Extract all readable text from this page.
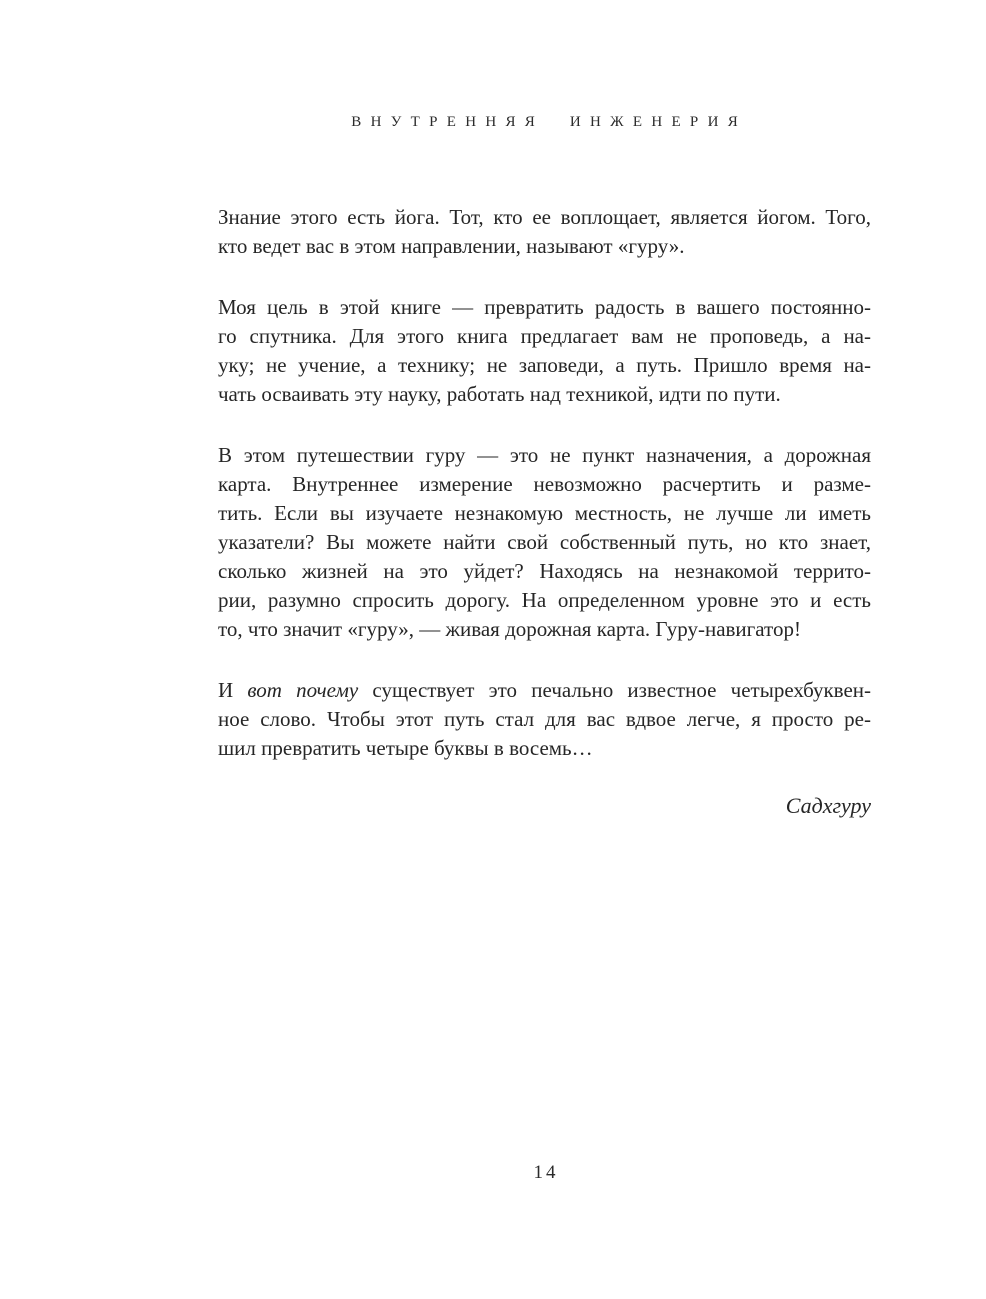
ВНУТРЕННЯЯ ИНЖЕНЕРИЯ
Знание этого есть йога. Тот, кто ее воплощает, является йогом. Того,
кто ведет вас в этом направлении, называют «гуру».
Моя цель в этой книге — превратить радость в вашего постоянно-
го спутника. Для этого книга предлагает вам не проповедь, а на-
уку; не учение, а технику; не заповеди, а путь. Пришло время на-
чать осваивать эту науку, работать над техникой, идти по пути.
В этом путешествии гуру — это не пункт назначения, а дорожная
карта. Внутреннее измерение невозможно расчертить и разме-
тить. Если вы изучаете незнакомую местность, не лучше ли иметь
указатели? Вы можете найти свой собственный путь, но кто знает,
сколько жизней на это уйдет? Находясь на незнакомой террито-
рии, разумно спросить дорогу. На определенном уровне это и есть
то, что значит «гуру», — живая дорожная карта. Гуру-навигатор!
И вот почему существует это печально известное четырехбуквен-
ное слово. Чтобы этот путь стал для вас вдвое легче, я просто ре-
шил превратить четыре буквы в восемь…
Садхгуру
14
